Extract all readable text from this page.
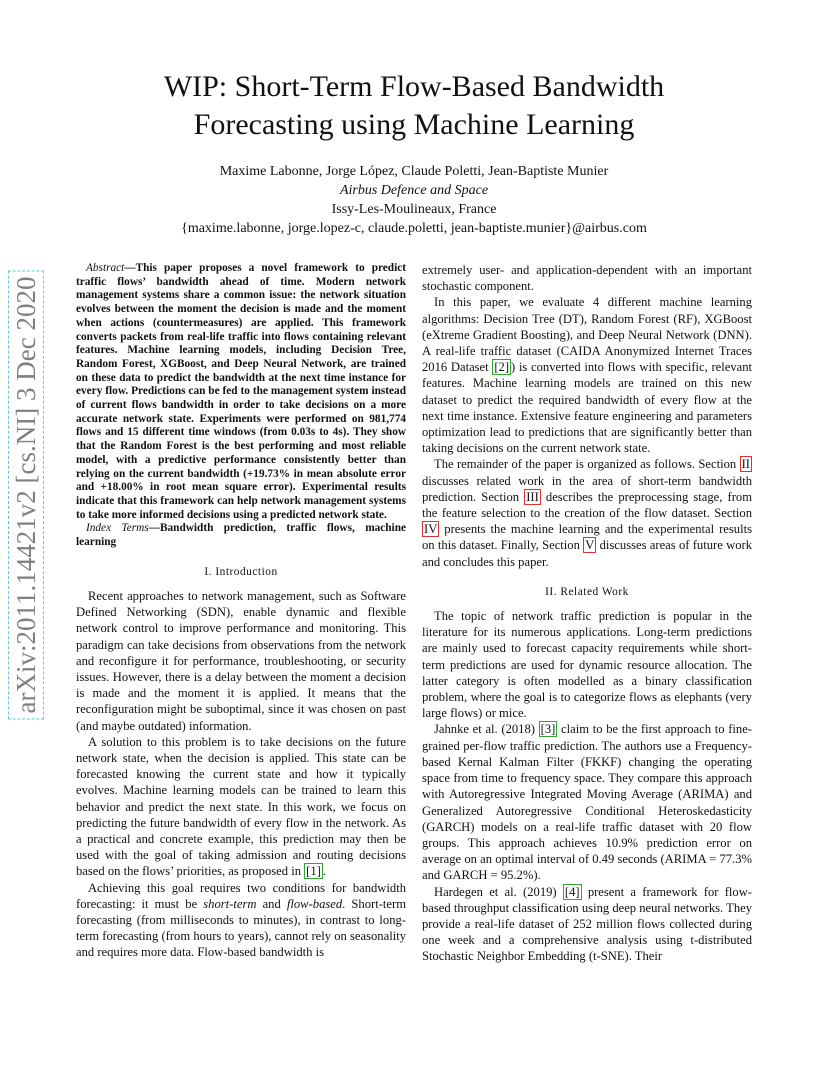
WIP: Short-Term Flow-Based Bandwidth
Forecasting using Machine Learning
Maxime Labonne, Jorge López, Claude Poletti, Jean-Baptiste Munier
Airbus Defence and Space
Issy-Les-Moulineaux, France
{maxime.labonne, jorge.lopez-c, claude.poletti, jean-baptiste.munier}@airbus.com
arXiv:2011.14421v2 [cs.NI] 3 Dec 2020

Abstract—This paper proposes a novel framework to predict traffic flows’ bandwidth ahead of time. Modern network management systems share a common issue: the network situation evolves between the moment the decision is made and the moment when actions (countermeasures) are applied. This framework converts packets from real-life traffic into flows containing relevant features. Machine learning models, including Decision Tree, Random Forest, XGBoost, and Deep Neural Network, are trained on these data to predict the bandwidth at the next time instance for every flow. Predictions can be fed to the management system instead of current flows bandwidth in order to take decisions on a more accurate network state. Experiments were performed on 981,774 flows and 15 different time windows (from 0.03s to 4s). They show that the Random Forest is the best performing and most reliable model, with a predictive performance consistently better than relying on the current bandwidth (+19.73% in mean absolute error and +18.00% in root mean square error). Experimental results indicate that this framework can help network management systems to take more informed decisions using a predicted network state.

Index Terms—Bandwidth prediction, traffic flows, machine learning

I. Introduction

Recent approaches to network management, such as Software Defined Networking (SDN), enable dynamic and flexible network control to improve performance and monitoring. This paradigm can take decisions from observations from the network and reconfigure it for performance, troubleshooting, or security issues. However, there is a delay between the moment a decision is made and the moment it is applied. It means that the reconfiguration might be suboptimal, since it was chosen on past (and maybe outdated) information.

A solution to this problem is to take decisions on the future network state, when the decision is applied. This state can be forecasted knowing the current state and how it typically evolves. Machine learning models can be trained to learn this behavior and predict the next state. In this work, we focus on predicting the future bandwidth of every flow in the network. As a practical and concrete example, this prediction may then be used with the goal of taking admission and routing decisions based on the flows’ priorities, as proposed in [1] .

Achieving this goal requires two conditions for bandwidth forecasting: it must be short-term and flow-based. Short-term forecasting (from milliseconds to minutes), in contrast to long-term forecasting (from hours to years), cannot rely on seasonality and requires more data. Flow-based bandwidth is

extremely user- and application-dependent with an important stochastic component.

In this paper, we evaluate 4 different machine learning algorithms: Decision Tree (DT), Random Forest (RF), XGBoost (eXtreme Gradient Boosting), and Deep Neural Network (DNN). A real-life traffic dataset (CAIDA Anonymized Internet Traces 2016 Dataset [2] ) is converted into flows with specific, relevant features. Machine learning models are trained on this new dataset to predict the required bandwidth of every flow at the next time instance. Extensive feature engineering and parameters optimization lead to predictions that are significantly better than taking decisions on the current network state.

The remainder of the paper is organized as follows. Section II discusses related work in the area of short-term bandwidth prediction. Section III describes the preprocessing stage, from the feature selection to the creation of the flow dataset. Section IV presents the machine learning and the experimental results on this dataset. Finally, Section V discusses areas of future work and concludes this paper.

II. Related Work

The topic of network traffic prediction is popular in the literature for its numerous applications. Long-term predictions are mainly used to forecast capacity requirements while short-term predictions are used for dynamic resource allocation. The latter category is often modelled as a binary classification problem, where the goal is to categorize flows as elephants (very large flows) or mice.

Jahnke et al. (2018) [3] claim to be the first approach to fine-grained per-flow traffic prediction. The authors use a Frequency-based Kernal Kalman Filter (FKKF) changing the operating space from time to frequency space. They compare this approach with Autoregressive Integrated Moving Average (ARIMA) and Generalized Autoregressive Conditional Heteroskedasticity (GARCH) models on a real-life traffic dataset with 20 flow groups. This approach achieves 10.9% prediction error on average on an optimal interval of 0.49 seconds (ARIMA = 77.3% and GARCH = 95.2%).

Hardegen et al. (2019) [4] present a framework for flow-based throughput classification using deep neural networks. They provide a real-life dataset of 252 million flows collected during one week and a comprehensive analysis using t-distributed Stochastic Neighbor Embedding (t-SNE). Their
